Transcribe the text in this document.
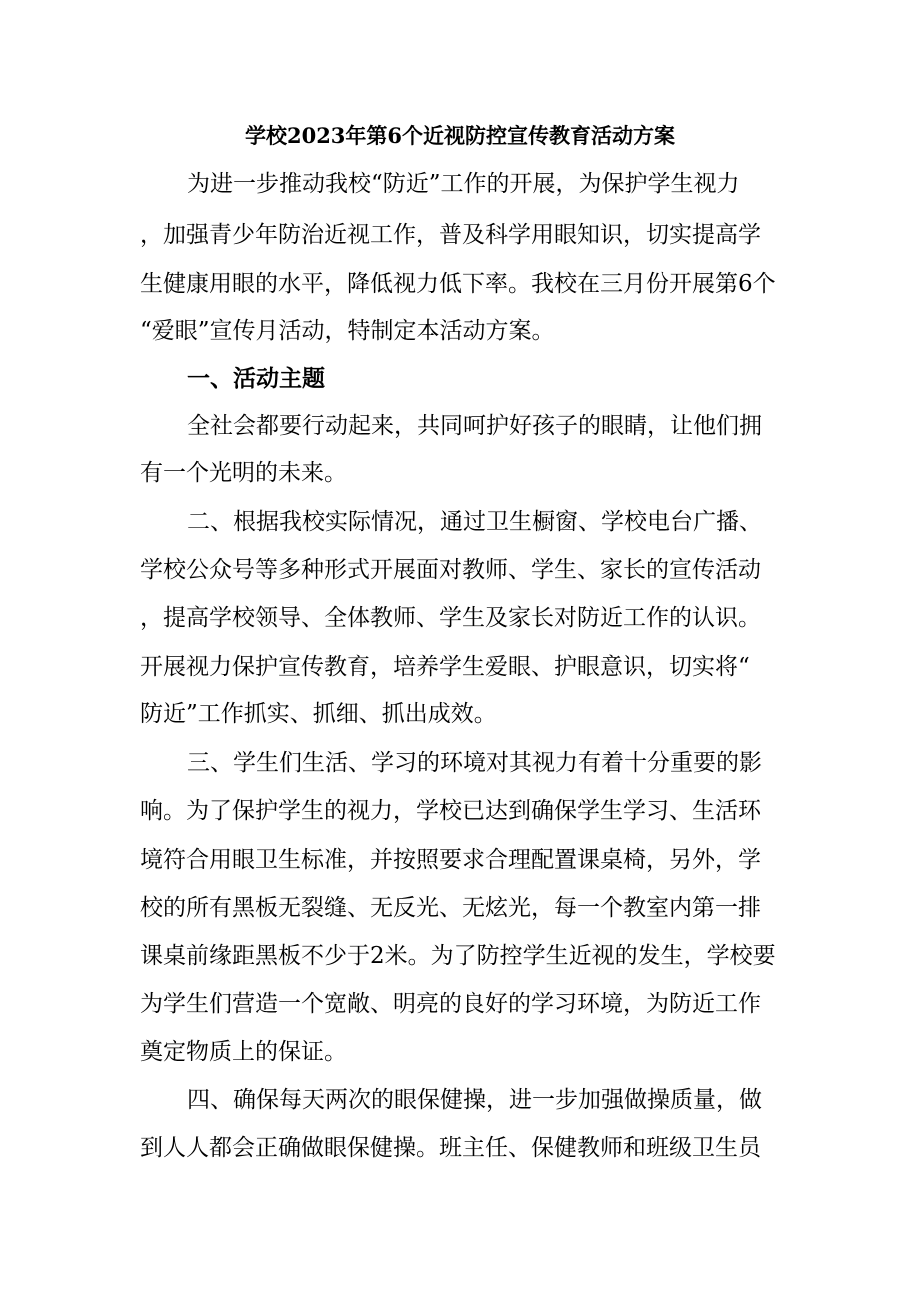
学校2023年第6个近视防控宣传教育活动方案
为进一步推动我校“防近”工作的开展，为保护学生视力
，加强青少年防治近视工作，普及科学用眼知识，切实提高学
生健康用眼的水平，降低视力低下率。我校在三月份开展第6个
“爱眼”宣传月活动，特制定本活动方案。
一、活动主题
全社会都要行动起来，共同呵护好孩子的眼睛，让他们拥
有一个光明的未来。
二、根据我校实际情况，通过卫生橱窗、学校电台广播、
学校公众号等多种形式开展面对教师、学生、家长的宣传活动
，提高学校领导、全体教师、学生及家长对防近工作的认识。
开展视力保护宣传教育，培养学生爱眼、护眼意识，切实将“
防近”工作抓实、抓细、抓出成效。
三、学生们生活、学习的环境对其视力有着十分重要的影
响。为了保护学生的视力，学校已达到确保学生学习、生活环
境符合用眼卫生标准，并按照要求合理配置课桌椅，另外，学
校的所有黑板无裂缝、无反光、无炫光，每一个教室内第一排
课桌前缘距黑板不少于2米。为了防控学生近视的发生，学校要
为学生们营造一个宽敞、明亮的良好的学习环境，为防近工作
奠定物质上的保证。
四、确保每天两次的眼保健操，进一步加强做操质量，做
到人人都会正确做眼保健操。班主任、保健教师和班级卫生员
